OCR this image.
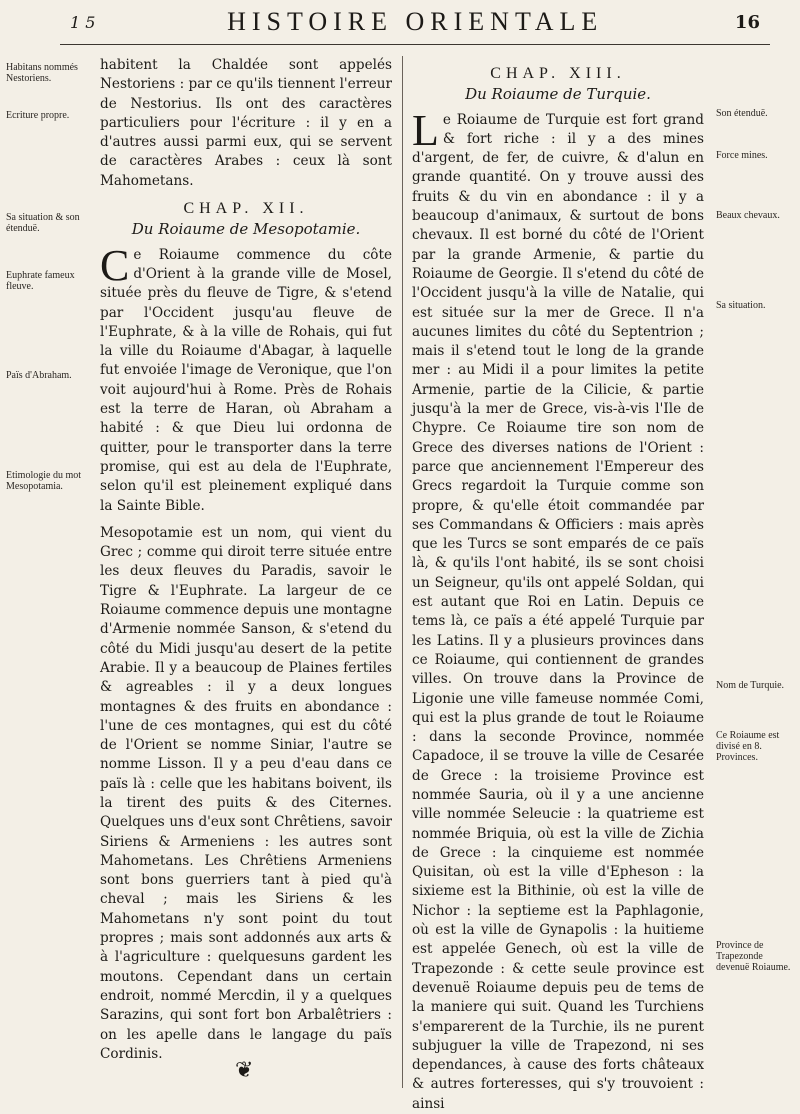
1 5	HISTOIRE ORIENTALE	16
Habitans nommés Nestoriens.
Ecriture propre.
Sa situation & son étenduë.
Euphrate fameux fleuve.
Païs d'Abraham.
Etimologie du mot Mesopotamia.

habitent la Chaldée sont appelés Nestoriens : par ce qu'ils tiennent l'erreur de Nestorius. Ils ont des caractères particuliers pour l'écriture : il y en a d'autres aussi parmi eux, qui se servent de caractères Arabes : ceux là sont Mahometans.

CHAP. XII.
Du Roiaume de Mesopotamie.

Ce Roiaume commence du côte d'Orient à la grande ville de Mosel, située près du fleuve de Tigre, & s'etend par l'Occident jusqu'au fleuve de l'Euphrate, & à la ville de Rohais, qui fut la ville du Roiaume d'Abagar, à laquelle fut envoiée l'image de Veronique, que l'on voit aujourd'hui à Rome. Près de Rohais est la terre de Haran, où Abraham a habité : & que Dieu lui ordonna de quitter, pour le transporter dans la terre promise, qui est au dela de l'Euphrate, selon qu'il est pleinement expliqué dans la Sainte Bible.

Mesopotamie est un nom, qui vient du Grec ; comme qui diroit terre située entre les deux fleuves du Paradis, savoir le Tigre & l'Euphrate. La largeur de ce Roiaume commence depuis une montagne d'Armenie nommée Sanson, & s'etend du côté du Midi jusqu'au desert de la petite Arabie. Il y a beaucoup de Plaines fertiles & agreables : il y a deux longues montagnes & des fruits en abondance : l'une de ces montagnes, qui est du côté de l'Orient se nomme Siniar, l'autre se nomme Lisson. Il y a peu d'eau dans ce païs là : celle que les habitans boivent, ils la tirent des puits & des Citernes. Quelques uns d'eux sont Chrêtiens, savoir Siriens & Armeniens : les autres sont Mahometans. Les Chrêtiens Armeniens sont bons guerriers tant à pied qu'à cheval ; mais les Siriens & les Mahometans n'y sont point du tout propres ; mais sont addonnés aux arts & à l'agriculture : quelquesuns gardent les moutons. Cependant dans un certain endroit, nommé Mercdin, il y a quelques Sarazins, qui sont fort bon Arbalêtriers : on les apelle dans le langage du païs Cordinis.

CHAP. XIII.
Du Roiaume de Turquie.

Le Roiaume de Turquie est fort grand & fort riche : il y a des mines d'argent, de fer, de cuivre, & d'alun en grande quantité. On y trouve aussi des fruits & du vin en abondance : il y a beaucoup d'animaux, & surtout de bons chevaux. Il est borné du côté de l'Orient par la grande Armenie, & partie du Roiaume de Georgie. Il s'etend du côté de l'Occident jusqu'à la ville de Natalie, qui est située sur la mer de Grece. Il n'a aucunes limites du côté du Septentrion ; mais il s'etend tout le long de la grande mer : au Midi il a pour limites la petite Armenie, partie de la Cilicie, & partie jusqu'à la mer de Grece, vis-à-vis l'Ile de Chypre. Ce Roiaume tire son nom de Grece des diverses nations de l'Orient : parce que anciennement l'Empereur des Grecs regardoit la Turquie comme son propre, & qu'elle étoit commandée par ses Commandans & Officiers : mais après que les Turcs se sont emparés de ce païs là, & qu'ils l'ont habité, ils se sont choisi un Seigneur, qu'ils ont appelé Soldan, qui est autant que Roi en Latin. Depuis ce tems là, ce païs a été appelé Turquie par les Latins. Il y a plusieurs provinces dans ce Roiaume, qui contiennent de grandes villes. On trouve dans la Province de Ligonie une ville fameuse nommée Comi, qui est la plus grande de tout le Roiaume : dans la seconde Province, nommée Capadoce, il se trouve la ville de Cesarée de Grece : la troisieme Province est nommée Sauria, où il y a une ancienne ville nommée Seleucie : la quatrieme est nommée Briquia, où est la ville de Zichia de Grece : la cinquieme est nommée Quisitan, où est la ville d'Epheson : la sixieme est la Bithinie, où est la ville de Nichor : la septieme est la Paphlagonie, où est la ville de Gynapolis : la huitieme est appelée Genech, où est la ville de Trapezonde : & cette seule province est devenuë Roiaume depuis peu de tems de la maniere qui suit. Quand les Turchiens s'emparerent de la Turchie, ils ne purent subjuguer la ville de Trapezond, ni ses dependances, à cause des forts châteaux & autres forteresses, qui s'y trouvoient : ainsi

Son étenduë.
Force mines.
Beaux chevaux.
Sa situation.
Nom de Turquie.
Ce Roiaume est divisé en 8. Provinces.
Province de Trapezonde devenuë Roiaume.
❦
